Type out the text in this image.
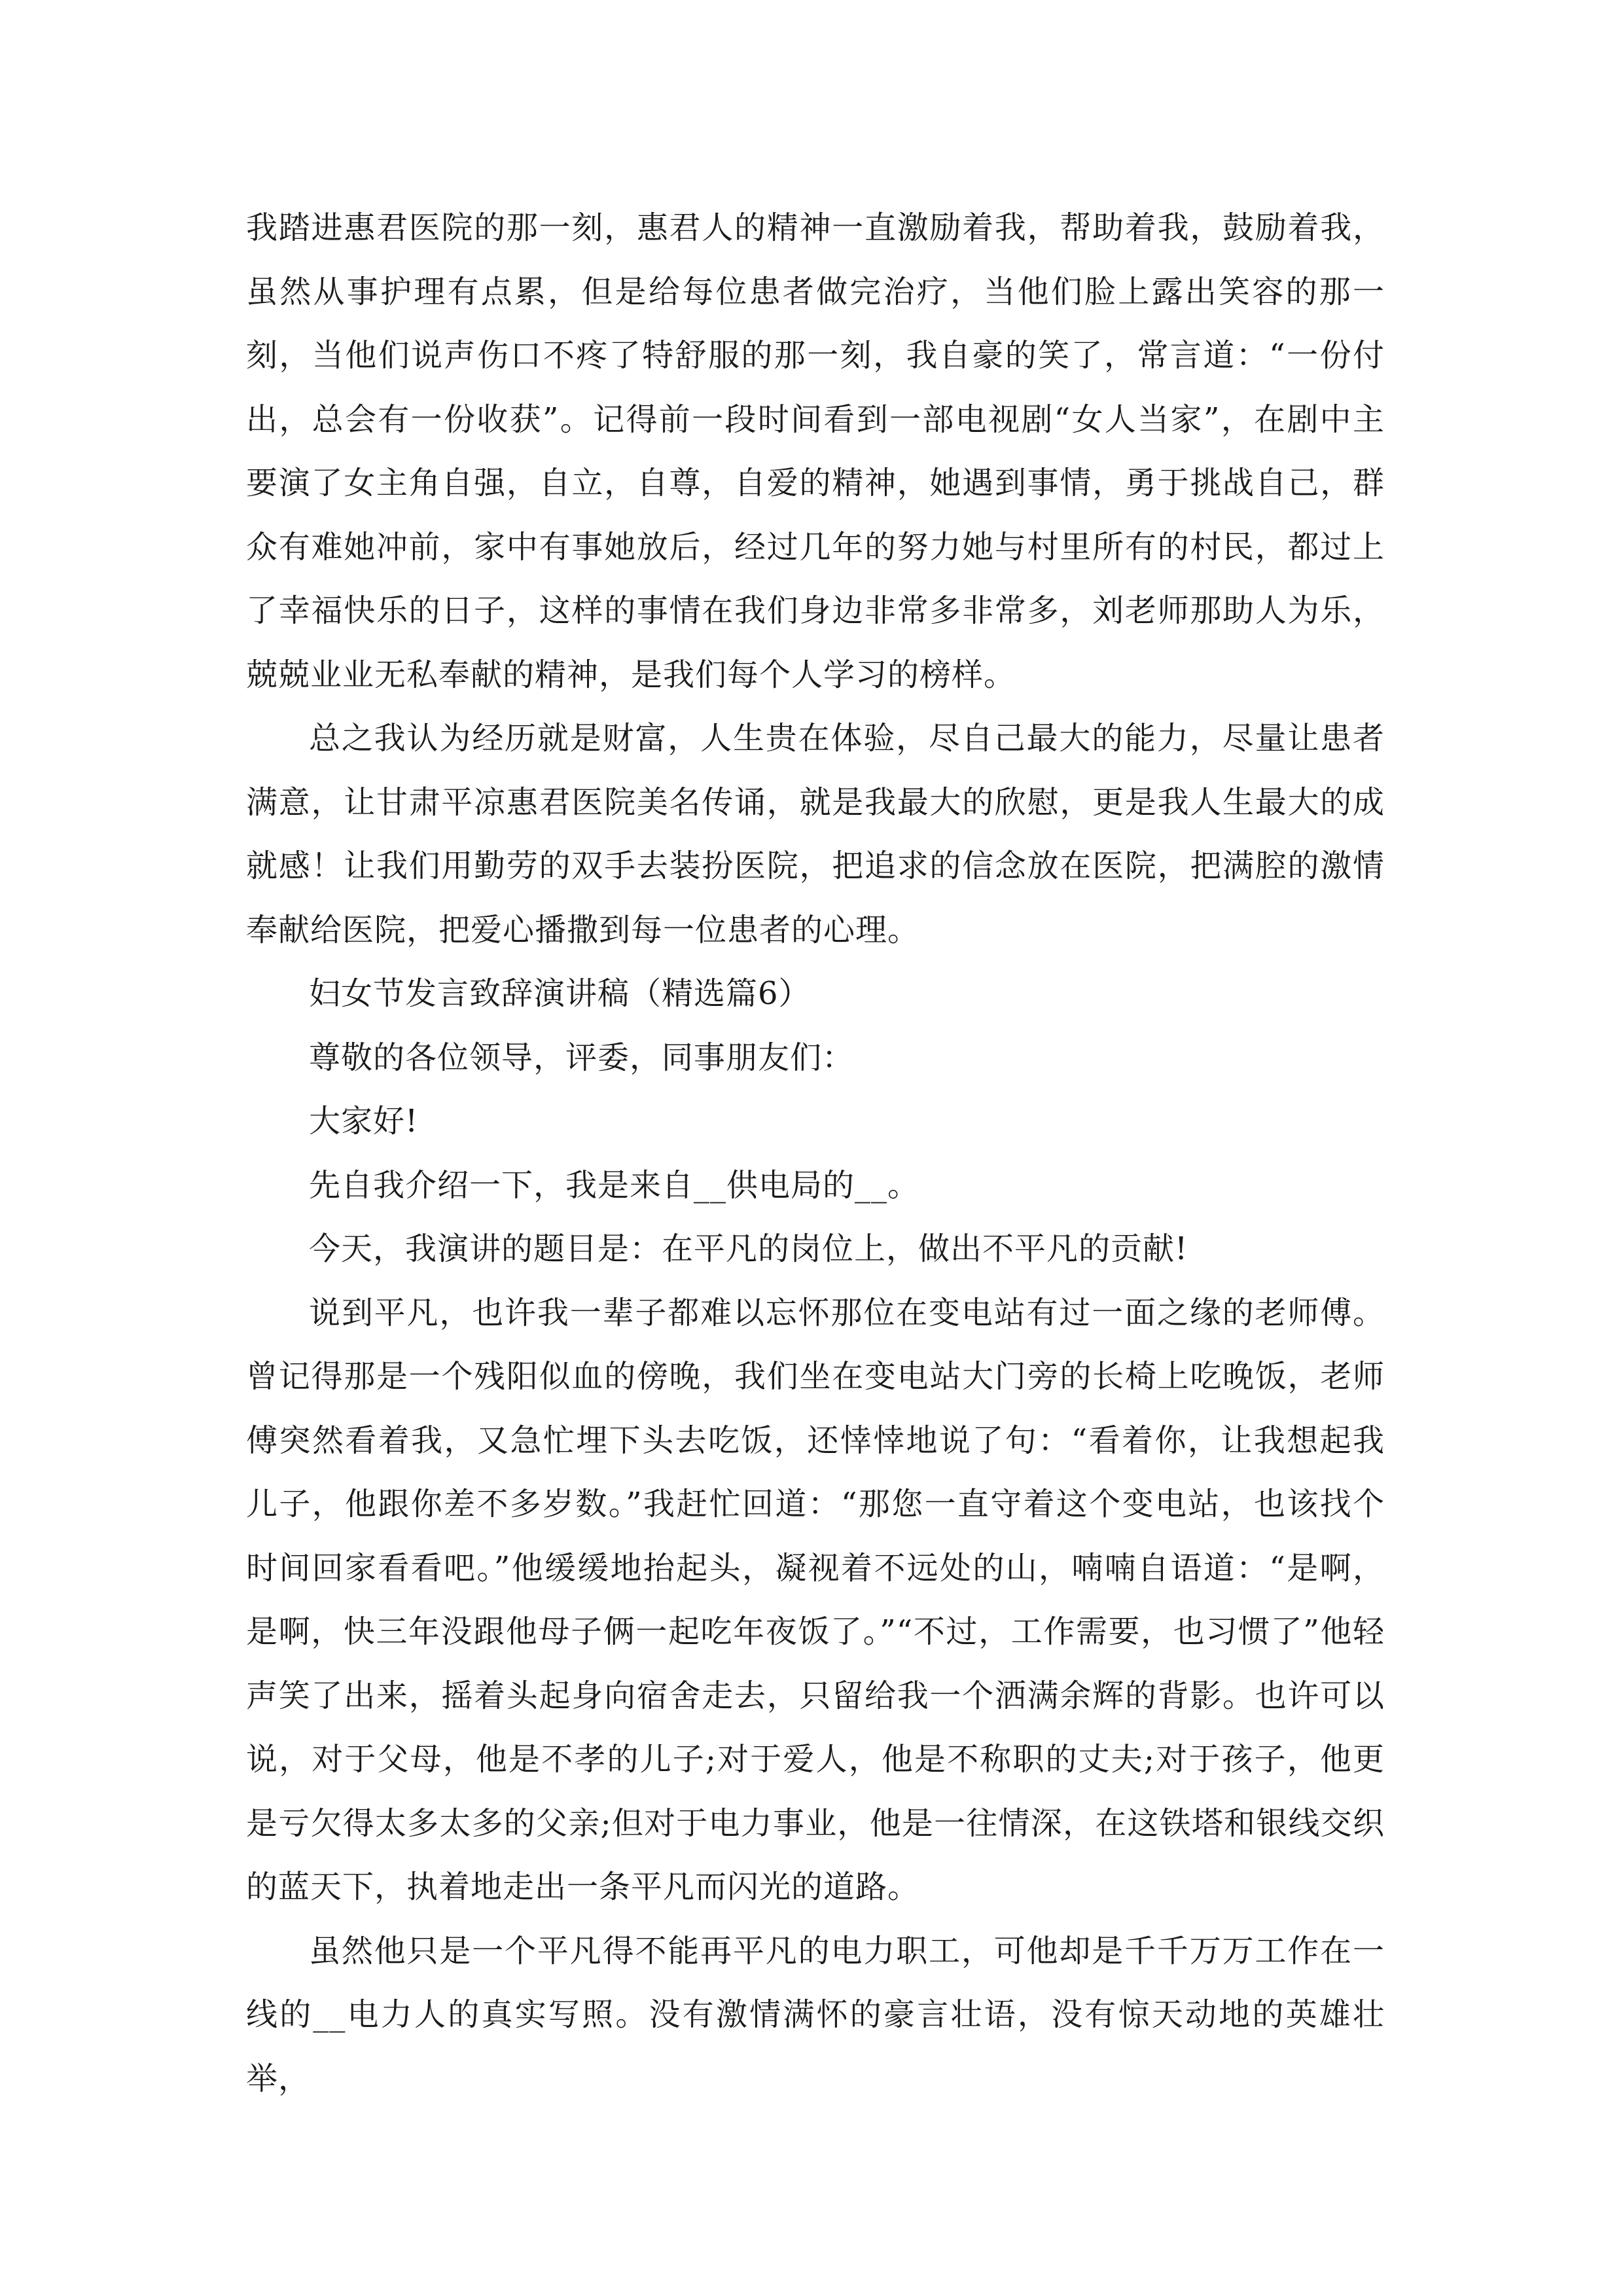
我踏进惠君医院的那一刻，惠君人的精神一直激励着我，帮助着我，鼓励着我，虽然从事护理有点累，但是给每位患者做完治疗，当他们脸上露出笑容的那一刻，当他们说声伤口不疼了特舒服的那一刻，我自豪的笑了，常言道：“一份付出，总会有一份收获”。记得前一段时间看到一部电视剧“女人当家”，在剧中主要演了女主角自强，自立，自尊，自爱的精神，她遇到事情，勇于挑战自己，群众有难她冲前，家中有事她放后，经过几年的努力她与村里所有的村民，都过上了幸福快乐的日子，这样的事情在我们身边非常多非常多，刘老师那助人为乐，兢兢业业无私奉献的精神，是我们每个人学习的榜样。

总之我认为经历就是财富，人生贵在体验，尽自己最大的能力，尽量让患者满意，让甘肃平凉惠君医院美名传诵，就是我最大的欣慰，更是我人生最大的成就感！让我们用勤劳的双手去装扮医院，把追求的信念放在医院，把满腔的激情奉献给医院，把爱心播撒到每一位患者的心理。

妇女节发言致辞演讲稿（精选篇6）

尊敬的各位领导，评委，同事朋友们：

大家好!

先自我介绍一下，我是来自__供电局的__。

今天，我演讲的题目是：在平凡的岗位上，做出不平凡的贡献!

说到平凡，也许我一辈子都难以忘怀那位在变电站有过一面之缘的老师傅。曾记得那是一个残阳似血的傍晚，我们坐在变电站大门旁的长椅上吃晚饭，老师傅突然看着我，又急忙埋下头去吃饭，还悻悻地说了句：“看着你，让我想起我儿子，他跟你差不多岁数。”我赶忙回道：“那您一直守着这个变电站，也该找个时间回家看看吧。”他缓缓地抬起头，凝视着不远处的山，喃喃自语道：“是啊，是啊，快三年没跟他母子俩一起吃年夜饭了。”“不过，工作需要，也习惯了”他轻声笑了出来，摇着头起身向宿舍走去，只留给我一个洒满余辉的背影。也许可以说，对于父母，他是不孝的儿子;对于爱人，他是不称职的丈夫;对于孩子，他更是亏欠得太多太多的父亲;但对于电力事业，他是一往情深，在这铁塔和银线交织的蓝天下，执着地走出一条平凡而闪光的道路。

虽然他只是一个平凡得不能再平凡的电力职工，可他却是千千万万工作在一线的__电力人的真实写照。没有激情满怀的豪言壮语，没有惊天动地的英雄壮举，
